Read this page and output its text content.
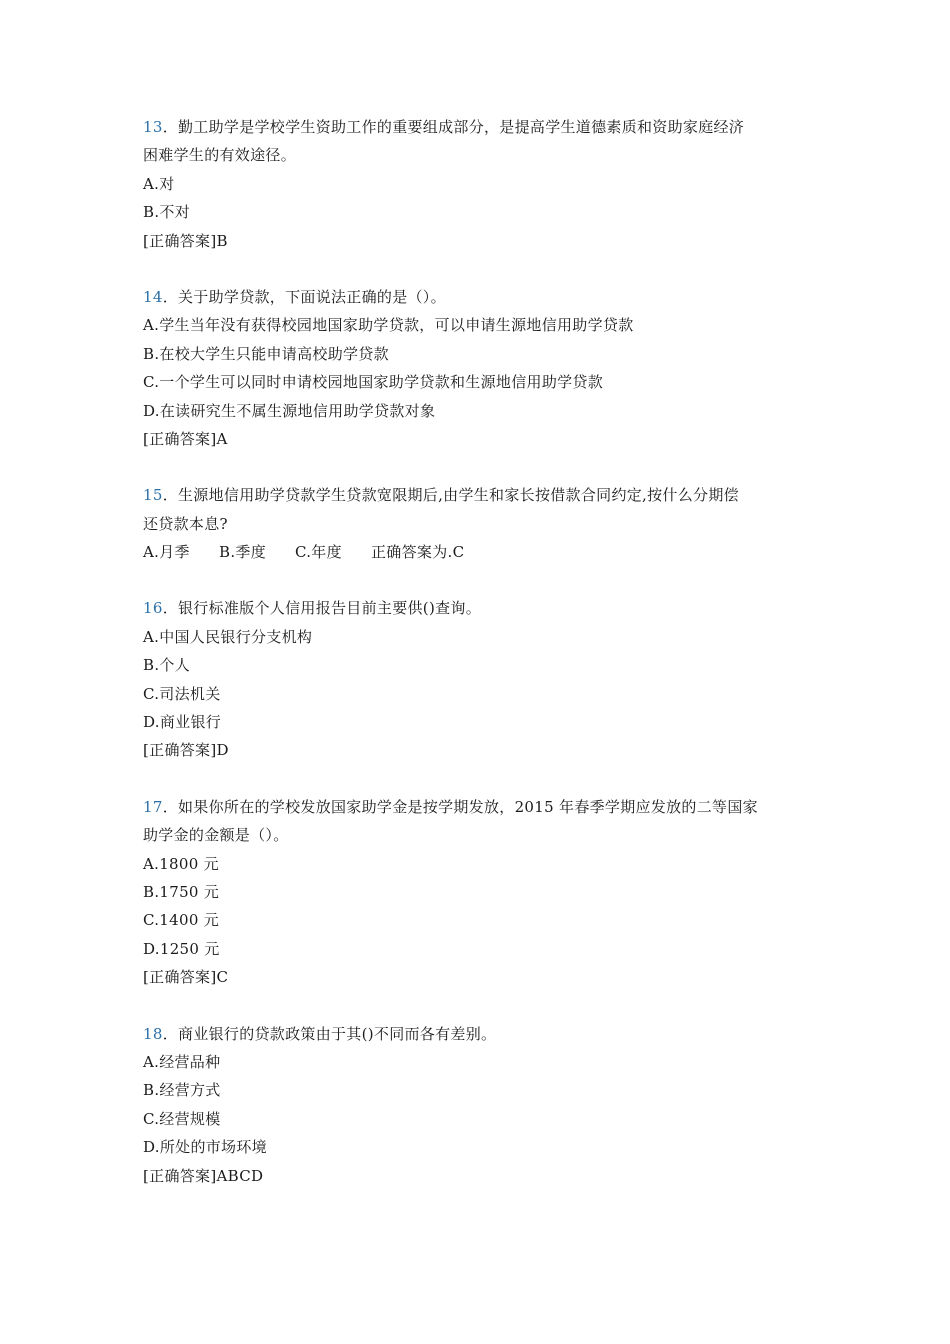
13．勤工助学是学校学生资助工作的重要组成部分，是提高学生道德素质和资助家庭经济
困难学生的有效途径。
A.对
B.不对
[正确答案]B
14．关于助学贷款，下面说法正确的是（）。
A.学生当年没有获得校园地国家助学贷款，可以申请生源地信用助学贷款
B.在校大学生只能申请高校助学贷款
C.一个学生可以同时申请校园地国家助学贷款和生源地信用助学贷款
D.在读研究生不属生源地信用助学贷款对象
[正确答案]A
15．生源地信用助学贷款学生贷款宽限期后,由学生和家长按借款合同约定,按什么分期偿
还贷款本息?
A.月季 B.季度 C.年度 正确答案为.C
16．银行标准版个人信用报告目前主要供()查询。
A.中国人民银行分支机构
B.个人
C.司法机关
D.商业银行
[正确答案]D
17．如果你所在的学校发放国家助学金是按学期发放，2015 年春季学期应发放的二等国家
助学金的金额是（）。
A.1800 元
B.1750 元
C.1400 元
D.1250 元
[正确答案]C
18．商业银行的贷款政策由于其()不同而各有差别。
A.经营品种
B.经营方式
C.经营规模
D.所处的市场环境
[正确答案]ABCD
